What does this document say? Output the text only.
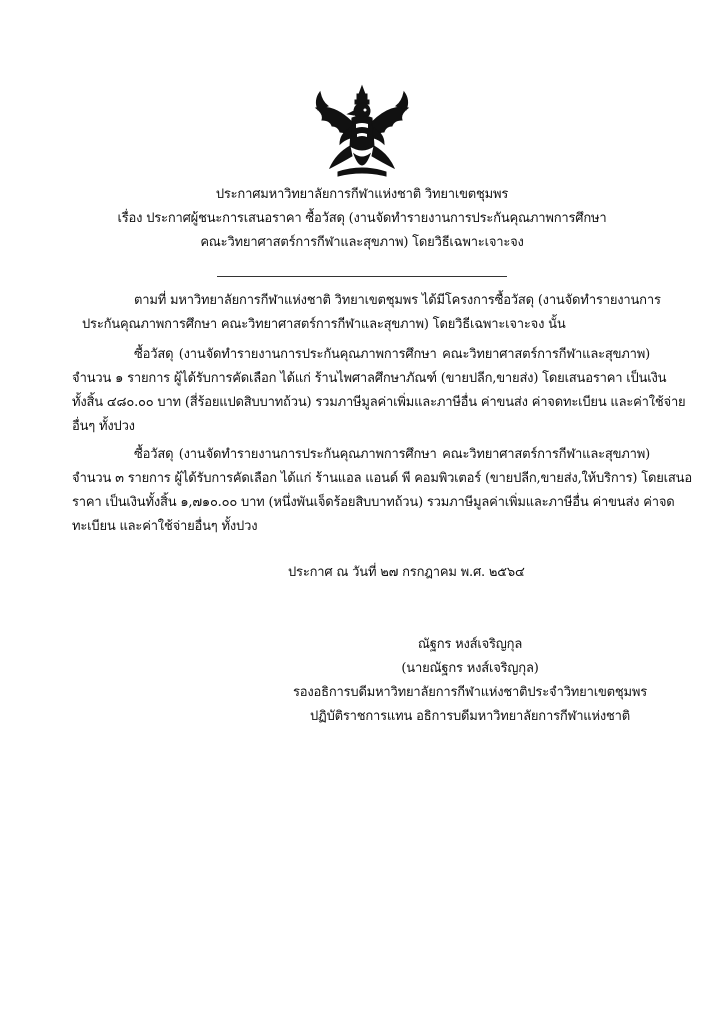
ประกาศมหาวิทยาลัยการกีฬาแห่งชาติ วิทยาเขตชุมพร
เรื่อง ประกาศผู้ชนะการเสนอราคา ซื้อวัสดุ (งานจัดทำรายงานการประกันคุณภาพการศึกษา
คณะวิทยาศาสตร์การกีฬาและสุขภาพ) โดยวิธีเฉพาะเจาะจง
ตามที่ มหาวิทยาลัยการกีฬาแห่งชาติ วิทยาเขตชุมพร ได้มีโครงการซื้อวัสดุ (งานจัดทำรายงานการ
ประกันคุณภาพการศึกษา คณะวิทยาศาสตร์การกีฬาและสุขภาพ) โดยวิธีเฉพาะเจาะจง นั้น
ซื้อวัสดุ (งานจัดทำรายงานการประกันคุณภาพการศึกษา คณะวิทยาศาสตร์การกีฬาและสุขภาพ)
จำนวน ๑ รายการ ผู้ได้รับการคัดเลือก ได้แก่ ร้านไพศาลศึกษาภัณฑ์ (ขายปลีก,ขายส่ง) โดยเสนอราคา เป็นเงิน
ทั้งสิ้น ๔๘๐.๐๐ บาท (สี่ร้อยแปดสิบบาทถ้วน) รวมภาษีมูลค่าเพิ่มและภาษีอื่น ค่าขนส่ง ค่าจดทะเบียน และค่าใช้จ่าย
อื่นๆ ทั้งปวง
ซื้อวัสดุ (งานจัดทำรายงานการประกันคุณภาพการศึกษา คณะวิทยาศาสตร์การกีฬาและสุขภาพ)
จำนวน ๓ รายการ ผู้ได้รับการคัดเลือก ได้แก่ ร้านแอล แอนด์ พี คอมพิวเตอร์ (ขายปลีก,ขายส่ง,ให้บริการ) โดยเสนอ
ราคา เป็นเงินทั้งสิ้น ๑,๗๑๐.๐๐ บาท (หนึ่งพันเจ็ดร้อยสิบบาทถ้วน) รวมภาษีมูลค่าเพิ่มและภาษีอื่น ค่าขนส่ง ค่าจด
ทะเบียน และค่าใช้จ่ายอื่นๆ ทั้งปวง
ประกาศ ณ วันที่ ๒๗ กรกฎาคม พ.ศ. ๒๕๖๔
ณัฐกร หงส์เจริญกุล
(นายณัฐกร หงส์เจริญกุล)
รองอธิการบดีมหาวิทยาลัยการกีฬาแห่งชาติประจำวิทยาเขตชุมพร
ปฏิบัติราชการแทน อธิการบดีมหาวิทยาลัยการกีฬาแห่งชาติ
